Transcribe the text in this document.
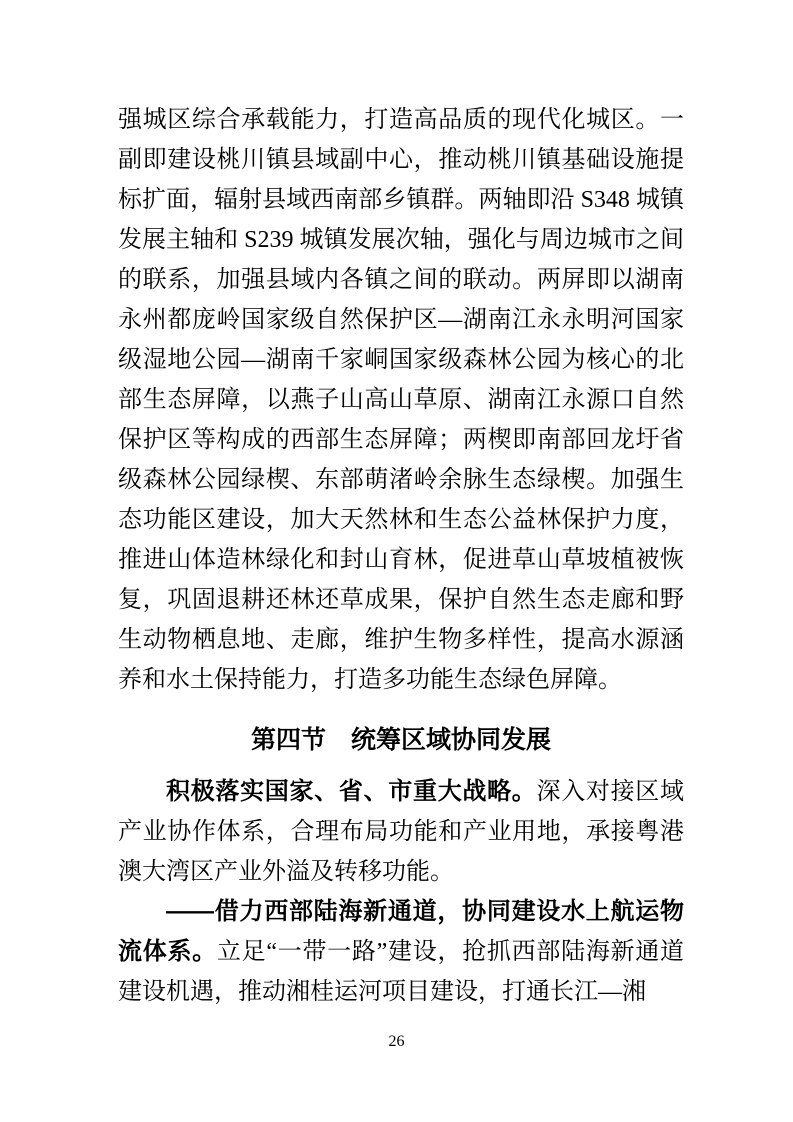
强城区综合承载能力，打造高品质的现代化城区。一副即建设桃川镇县域副中心，推动桃川镇基础设施提标扩面，辐射县域西南部乡镇群。两轴即沿 S348 城镇发展主轴和 S239 城镇发展次轴，强化与周边城市之间的联系，加强县域内各镇之间的联动。两屏即以湖南永州都庞岭国家级自然保护区—湖南江永永明河国家级湿地公园—湖南千家峒国家级森林公园为核心的北部生态屏障，以燕子山高山草原、湖南江永源口自然保护区等构成的西部生态屏障；两楔即南部回龙圩省级森林公园绿楔、东部萌渚岭余脉生态绿楔。加强生态功能区建设，加大天然林和生态公益林保护力度，推进山体造林绿化和封山育林，促进草山草坡植被恢复，巩固退耕还林还草成果，保护自然生态走廊和野生动物栖息地、走廊，维护生物多样性，提高水源涵养和水土保持能力，打造多功能生态绿色屏障。

第四节　统筹区域协同发展

积极落实国家、省、市重大战略。深入对接区域产业协作体系，合理布局功能和产业用地，承接粤港澳大湾区产业外溢及转移功能。

——借力西部陆海新通道，协同建设水上航运物流体系。立足“一带一路”建设，抢抓西部陆海新通道建设机遇，推动湘桂运河项目建设，打通长江—湘

26
